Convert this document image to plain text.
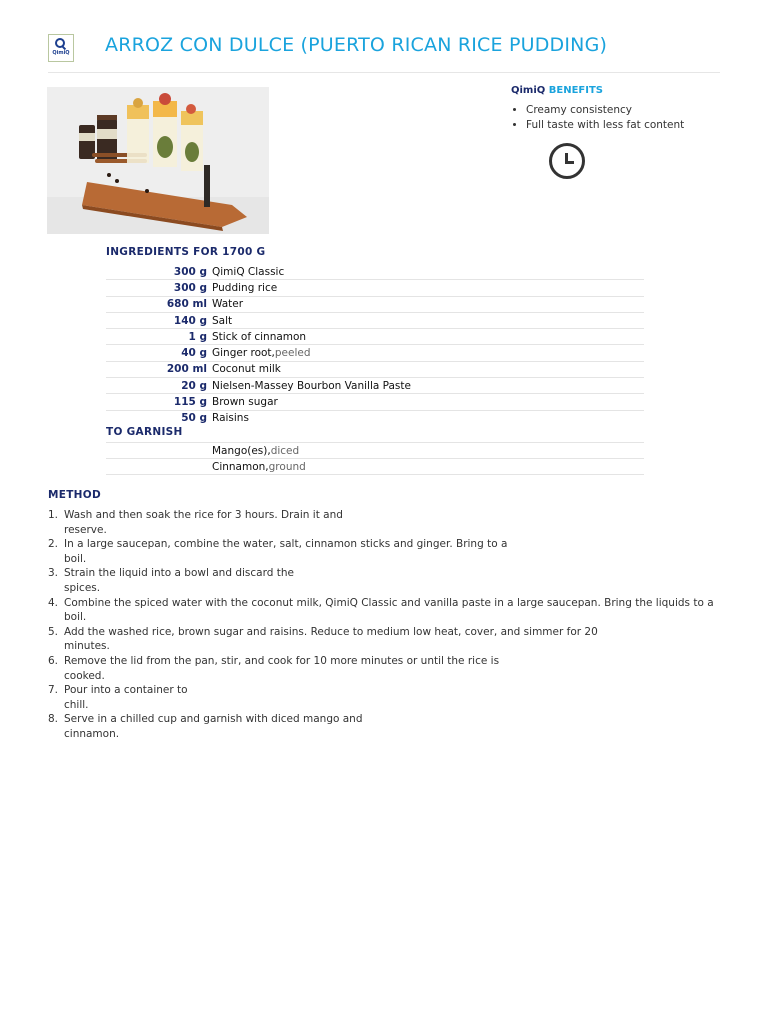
QimiQ ARROZ CON DULCE (PUERTO RICAN RICE PUDDING)
QimiQ BENEFITS
• Creamy consistency
• Full taste with less fat content
INGREDIENTS FOR 1700 G
300 g QimiQ Classic
300 g Pudding rice
680 ml Water
140 g Salt
1 g Stick of cinnamon
40 g Ginger root, peeled
200 ml Coconut milk
20 g Nielsen-Massey Bourbon Vanilla Paste
115 g Brown sugar
50 g Raisins
TO GARNISH
Mango(es), diced
Cinnamon, ground
METHOD
1. Wash and then soak the rice for 3 hours. Drain it and reserve.
2. In a large saucepan, combine the water, salt, cinnamon sticks and ginger. Bring to a boil.
3. Strain the liquid into a bowl and discard the spices.
4. Combine the spiced water with the coconut milk, QimiQ Classic and vanilla paste in a large saucepan. Bring the liquids to a boil.
5. Add the washed rice, brown sugar and raisins. Reduce to medium low heat, cover, and simmer for 20 minutes.
6. Remove the lid from the pan, stir, and cook for 10 more minutes or until the rice is cooked.
7. Pour into a container to chill.
8. Serve in a chilled cup and garnish with diced mango and cinnamon.
